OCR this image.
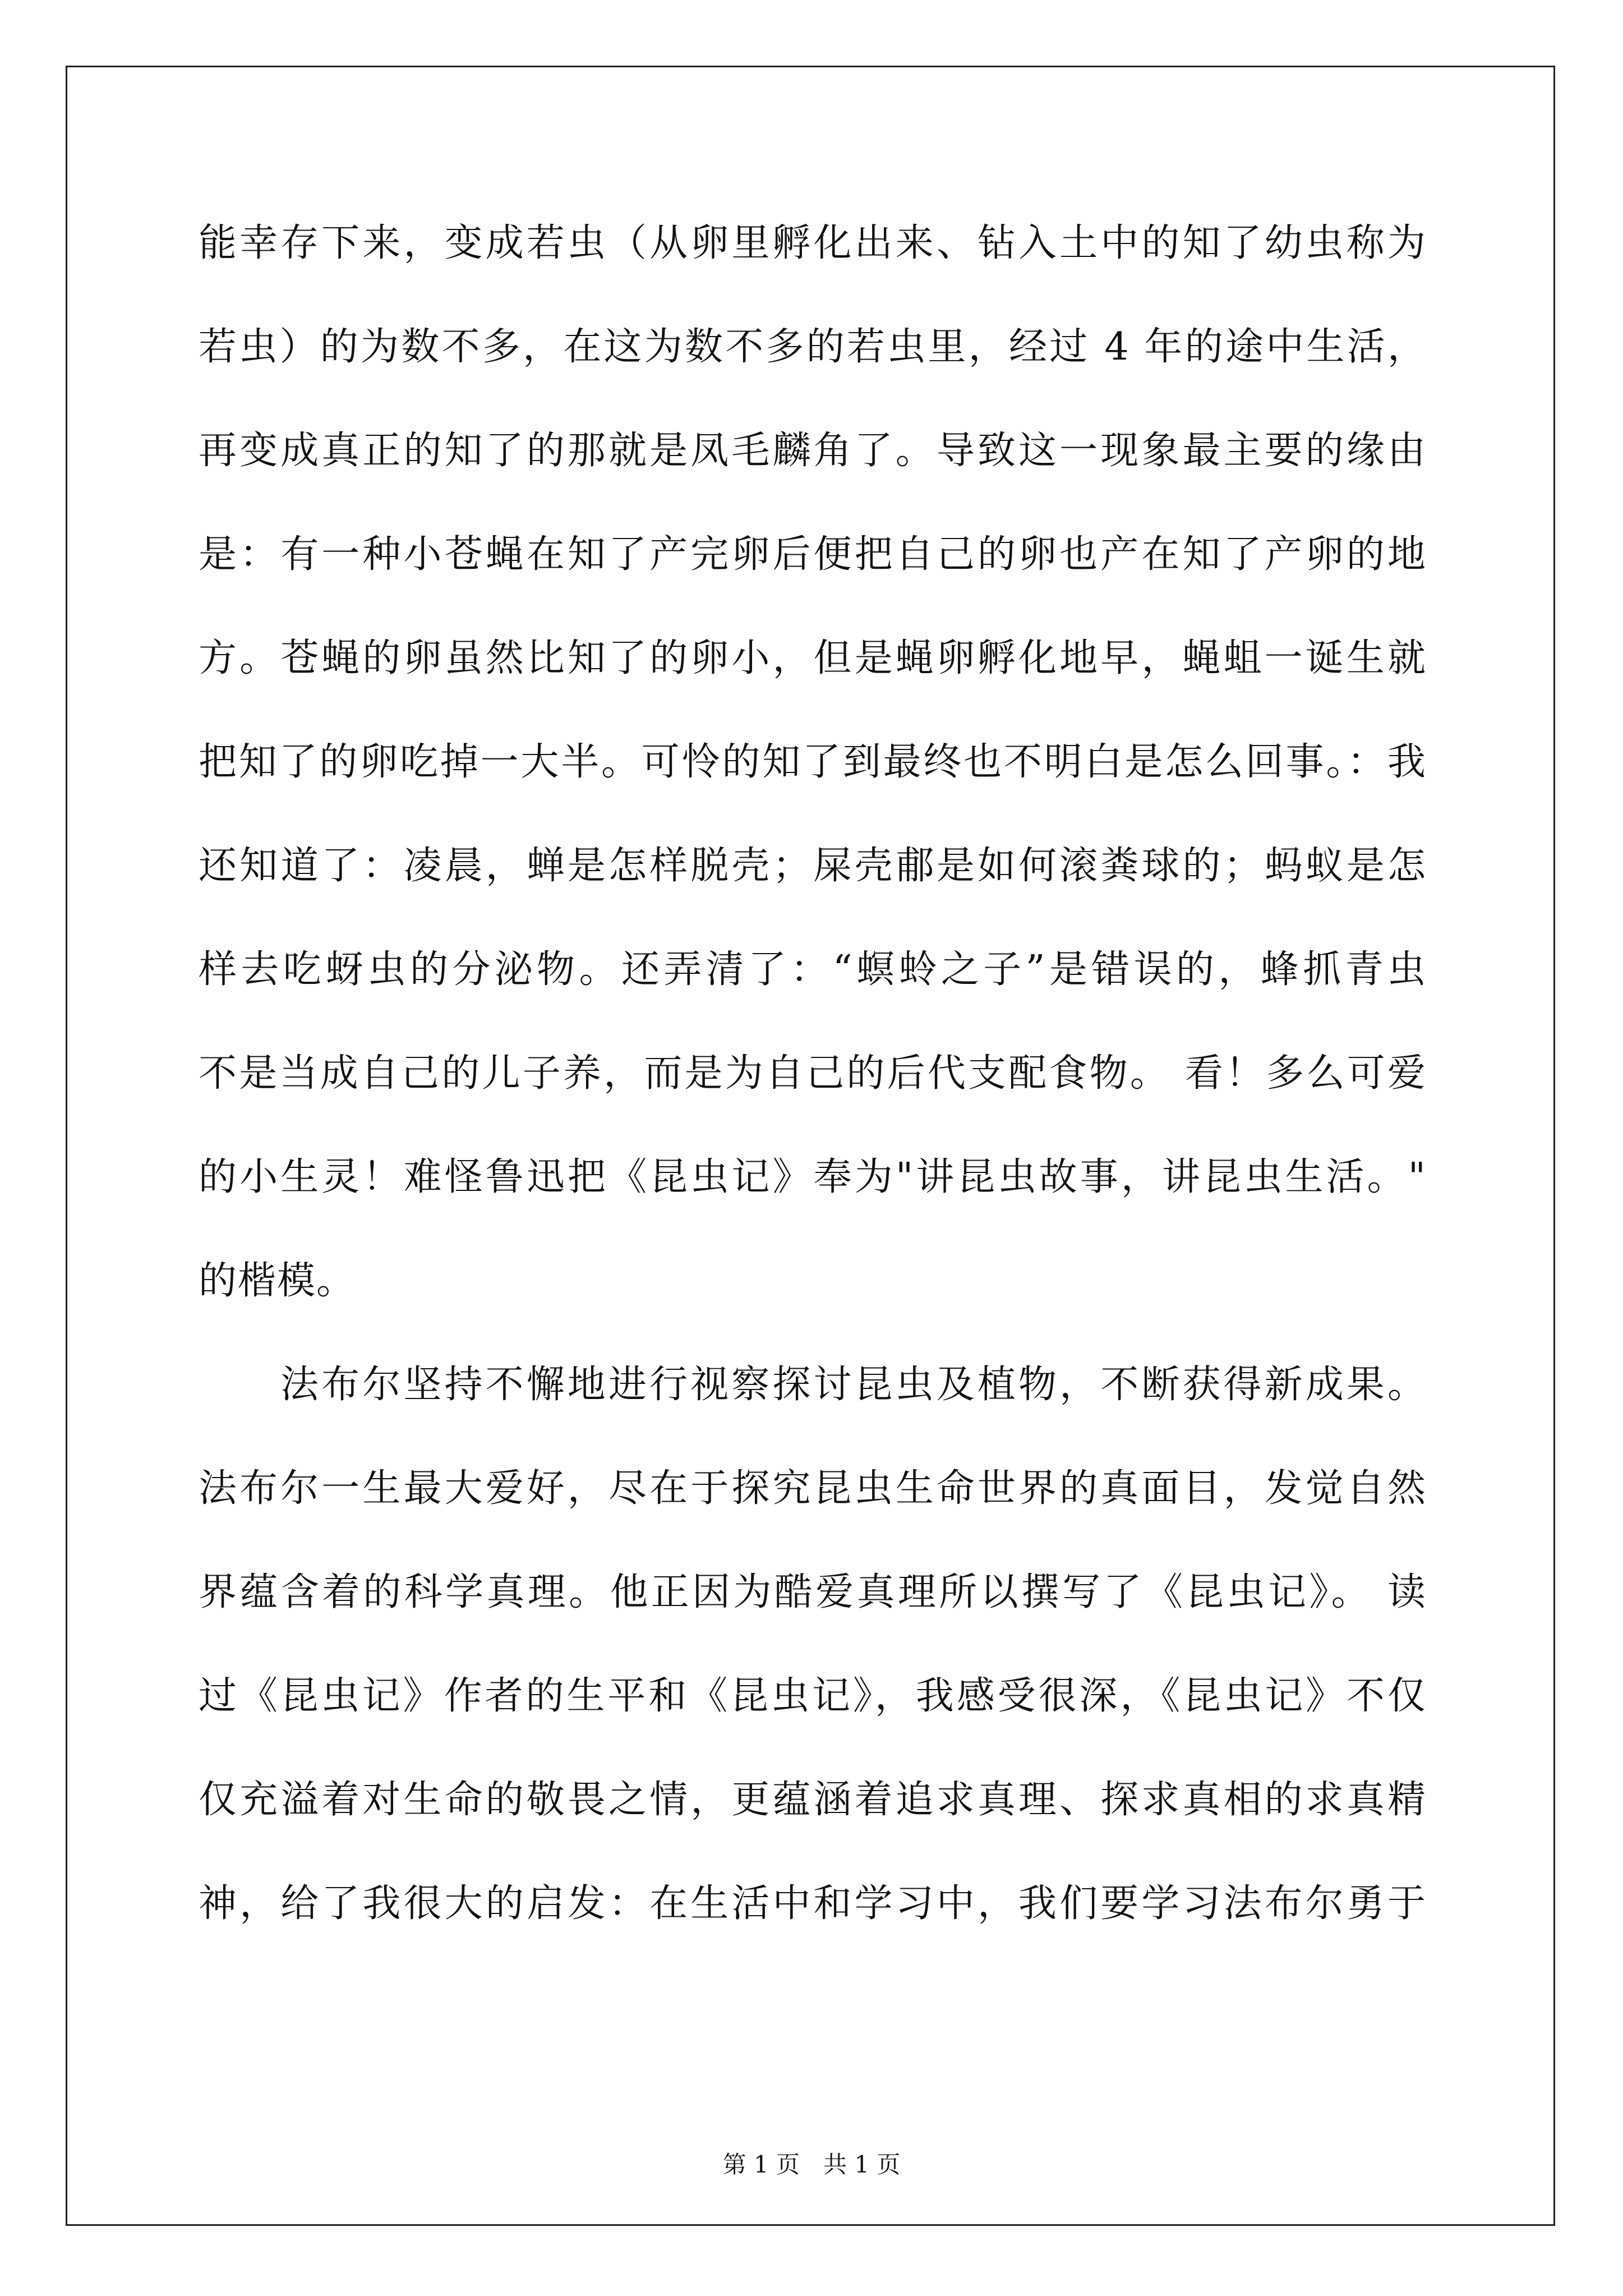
能幸存下来，变成若虫（从卵里孵化出来、钻入土中的知了幼虫称为
若虫）的为数不多，在这为数不多的若虫里，经过 4 年的途中生活，
再变成真正的知了的那就是凤毛麟角了。导致这一现象最主要的缘由
是：有一种小苍蝇在知了产完卵后便把自己的卵也产在知了产卵的地
方。苍蝇的卵虽然比知了的卵小，但是蝇卵孵化地早，蝇蛆一诞生就
把知了的卵吃掉一大半。可怜的知了到最终也不明白是怎么回事。：我
还知道了：凌晨，蝉是怎样脱壳；屎壳郙是如何滚粪球的；蚂蚁是怎
样去吃蚜虫的分泌物。还弄清了：“螟蛉之子”是错误的，蜂抓青虫
不是当成自己的儿子养，而是为自己的后代支配食物。 看！多么可爱
的小生灵！难怪鲁迅把《昆虫记》奉为"讲昆虫故事，讲昆虫生活。"
的楷模。
法布尔坚持不懈地进行视察探讨昆虫及植物，不断获得新成果。
法布尔一生最大爱好，尽在于探究昆虫生命世界的真面目，发觉自然
界蕴含着的科学真理。他正因为酷爱真理所以撰写了《昆虫记》。 读
过《昆虫记》作者的生平和《昆虫记》，我感受很深，《昆虫记》不仅
仅充溢着对生命的敬畏之情，更蕴涵着追求真理、探求真相的求真精
神，给了我很大的启发：在生活中和学习中，我们要学习法布尔勇于
第 1 页 共 1 页
